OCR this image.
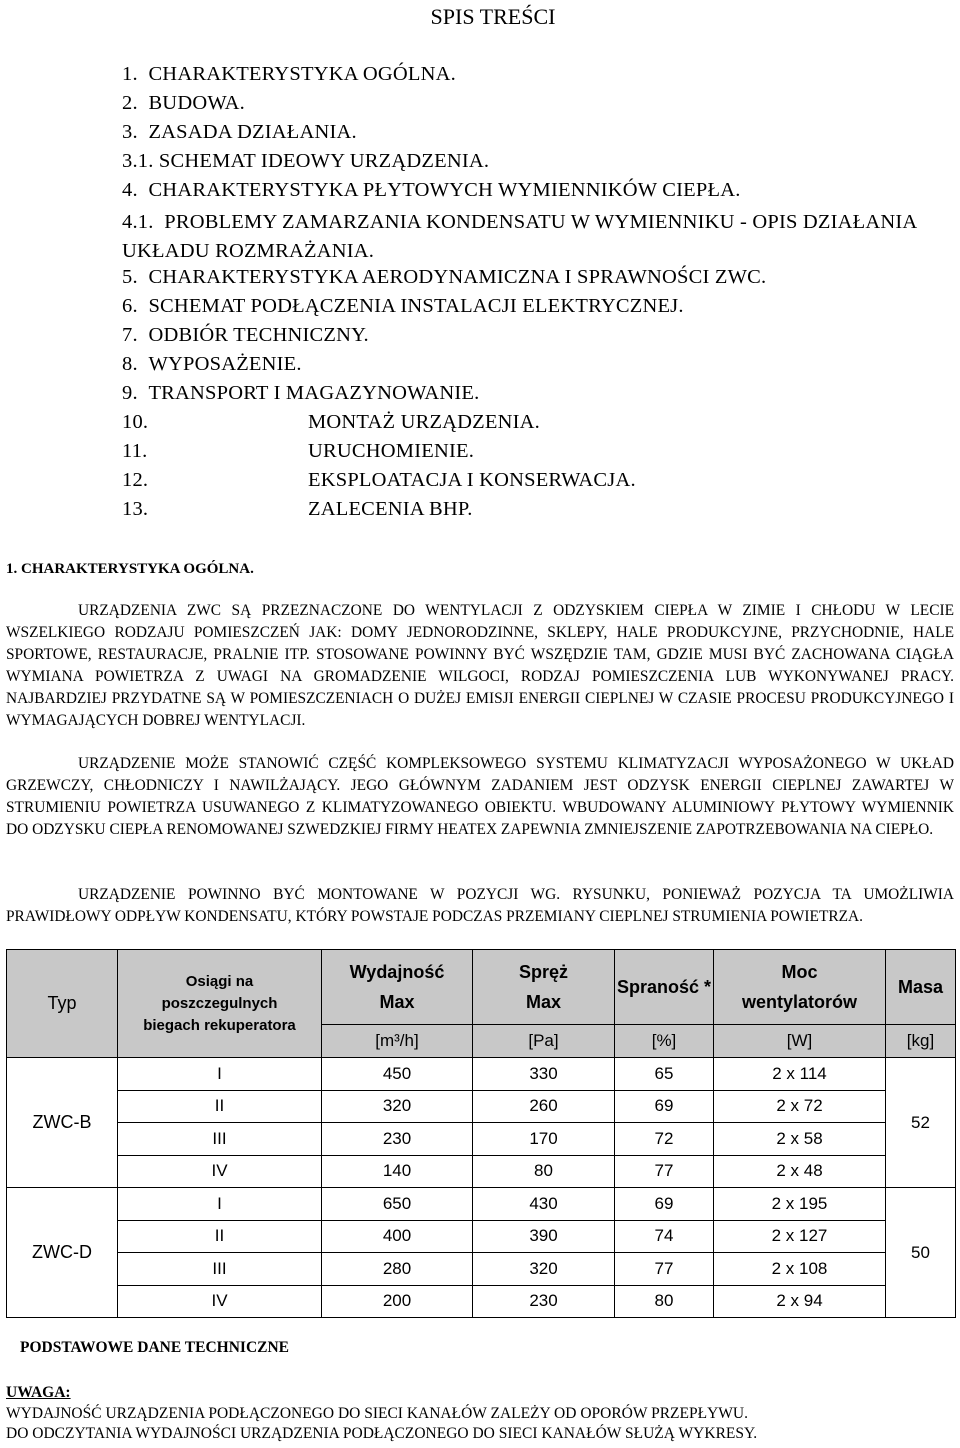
SPIS TREŚCI
1. CHARAKTERYSTYKA OGÓLNA.
2. BUDOWA.
3. ZASADA DZIAŁANIA.
3.1. SCHEMAT IDEOWY URZĄDZENIA.
4. CHARAKTERYSTYKA PŁYTOWYCH WYMIENNIKÓW CIEPŁA.
4.1. PROBLEMY ZAMARZANIA KONDENSATU W WYMIENNIKU - OPIS DZIAŁANIA UKŁADU ROZMRAŻANIA.
5. CHARAKTERYSTYKA AERODYNAMICZNA I SPRAWNOŚCI ZWC.
6. SCHEMAT PODŁĄCZENIA INSTALACJI ELEKTRYCZNEJ.
7. ODBIÓR TECHNICZNY.
8. WYPOSAŻENIE.
9. TRANSPORT I MAGAZYNOWANIE.
10.	MONTAŻ URZĄDZENIA.
11.	URUCHOMIENIE.
12.	EKSPLOATACJA I KONSERWACJA.
13.	ZALECENIA BHP.
1. CHARAKTERYSTYKA OGÓLNA.
URZĄDZENIA ZWC SĄ PRZEZNACZONE DO WENTYLACJI Z ODZYSKIEM CIEPŁA W ZIMIE I CHŁODU W LECIE WSZELKIEGO RODZAJU POMIESZCZEŃ JAK: DOMY JEDNORODZINNE, SKLEPY, HALE PRODUKCYJNE, PRZYCHODNIE, HALE SPORTOWE, RESTAURACJE, PRALNIE ITP. STOSOWANE POWINNY BYĆ WSZĘDZIE TAM, GDZIE MUSI BYĆ ZACHOWANA CIĄGŁA WYMIANA POWIETRZA Z UWAGI NA GROMADZENIE WILGOCI, RODZAJ POMIESZCZENIA LUB WYKONYWANEJ PRACY. NAJBARDZIEJ PRZYDATNE SĄ W POMIESZCZENIACH O DUŻEJ EMISJI ENERGII CIEPLNEJ W CZASIE PROCESU PRODUKCYJNEGO I WYMAGAJĄCYCH DOBREJ WENTYLACJI.
URZĄDZENIE MOŻE STANOWIĆ CZĘŚĆ KOMPLEKSOWEGO SYSTEMU KLIMATYZACJI WYPOSAŻONEGO W UKŁAD GRZEWCZY, CHŁODNICZY I NAWILŻAJĄCY. JEGO GŁÓWNYM ZADANIEM JEST ODZYSK ENERGII CIEPLNEJ ZAWARTEJ W STRUMIENIU POWIETRZA USUWANEGO Z KLIMATYZOWANEGO OBIEKTU. WBUDOWANY ALUMINIOWY PŁYTOWY WYMIENNIK DO ODZYSKU CIEPŁA RENOMOWANEJ SZWEDZKIEJ FIRMY HEATEX ZAPEWNIA ZMNIEJSZENIE ZAPOTRZEBOWANIA NA CIEPŁO.
URZĄDZENIE POWINNO BYĆ MONTOWANE W POZYCJI WG. RYSUNKU, PONIEWAŻ POZYCJA TA UMOŻLIWIA PRAWIDŁOWY ODPŁYW KONDENSATU, KTÓRY POWSTAJE PODCZAS PRZEMIANY CIEPLNEJ STRUMIENIA POWIETRZA.
Typ	Osiągi na poszczegulnych biegach rekuperatora	Wydajność Max	Spręż Max	Spraność *	Moc wentylatorów	Masa
		[m³/h]	[Pa]	[%]	[W]	[kg]
ZWC-B	I	450	330	65	2 x 114	52
	II	320	260	69	2 x 72	
	III	230	170	72	2 x 58	
	IV	140	80	77	2 x 48	
ZWC-D	I	650	430	69	2 x 195	50
	II	400	390	74	2 x 127	
	III	280	320	77	2 x 108	
	IV	200	230	80	2 x 94	
PODSTAWOWE DANE TECHNICZNE
UWAGA:
WYDAJNOŚĆ URZĄDZENIA PODŁĄCZONEGO DO SIECI KANAŁÓW ZALEŻY OD OPORÓW PRZEPŁYWU.
DO ODCZYTANIA WYDAJNOŚCI URZĄDZENIA PODŁĄCZONEGO DO SIECI KANAŁÓW SŁUŻĄ WYKRESY.
